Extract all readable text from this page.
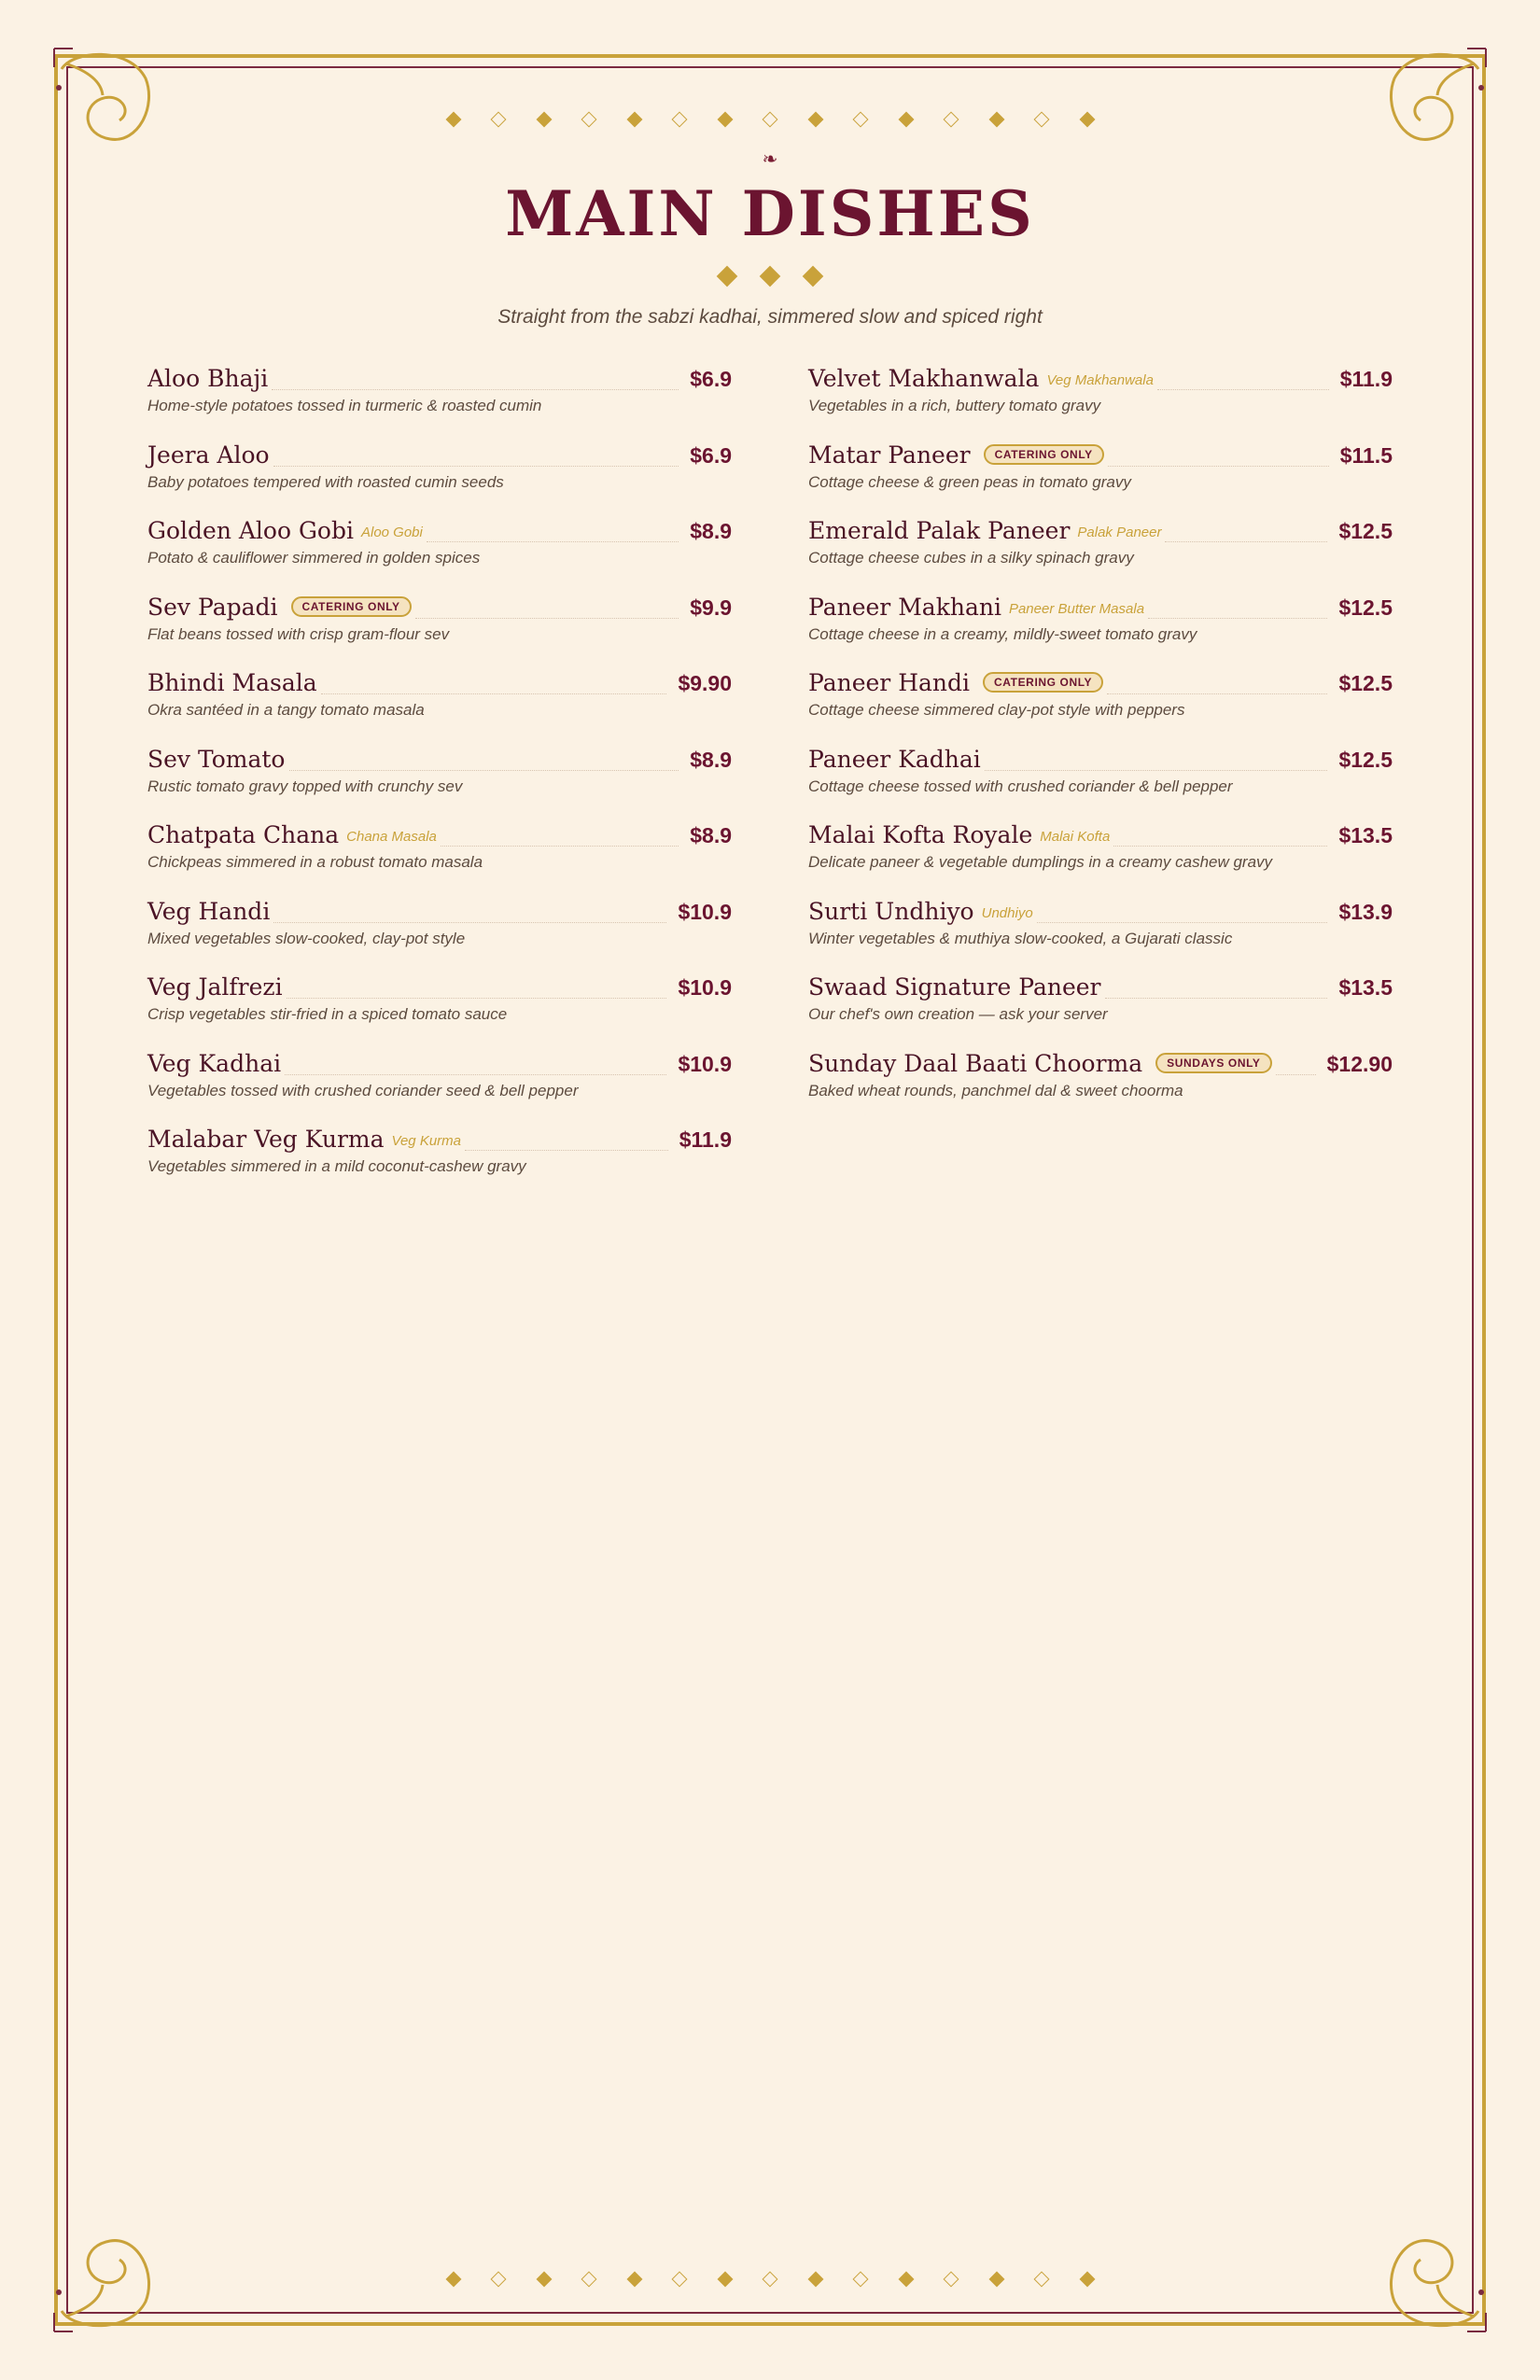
❧
MAIN DISHES
Straight from the sabzi kadhai, simmered slow and spiced right
Aloo Bhaji	$6.9
Home-style potatoes tossed in turmeric & roasted cumin
Jeera Aloo	$6.9
Baby potatoes tempered with roasted cumin seeds
Golden Aloo Gobi Aloo Gobi	$8.9
Potato & cauliflower simmered in golden spices
Sev Papadi	CATERING ONLY	$9.9
Flat beans tossed with crisp gram-flour sev
Bhindi Masala	$9.90
Okra santéed in a tangy tomato masala
Sev Tomato	$8.9
Rustic tomato gravy topped with crunchy sev
Chatpata Chana Chana Masala	$8.9
Chickpeas simmered in a robust tomato masala
Veg Handi	$10.9
Mixed vegetables slow-cooked, clay-pot style
Veg Jalfrezi	$10.9
Crisp vegetables stir-fried in a spiced tomato sauce
Veg Kadhai	$10.9
Vegetables tossed with crushed coriander seed & bell pepper
Malabar Veg Kurma Veg Kurma	$11.9
Vegetables simmered in a mild coconut-cashew gravy
Velvet Makhanwala Veg Makhanwala	$11.9
Vegetables in a rich, buttery tomato gravy
Matar Paneer	CATERING ONLY	$11.5
Cottage cheese & green peas in tomato gravy
Emerald Palak Paneer Palak Paneer	$12.5
Cottage cheese cubes in a silky spinach gravy
Paneer Makhani Paneer Butter Masala	$12.5
Cottage cheese in a creamy, mildly-sweet tomato gravy
Paneer Handi	CATERING ONLY	$12.5
Cottage cheese simmered clay-pot style with peppers
Paneer Kadhai	$12.5
Cottage cheese tossed with crushed coriander & bell pepper
Malai Kofta Royale Malai Kofta	$13.5
Delicate paneer & vegetable dumplings in a creamy cashew gravy
Surti Undhiyo Undhiyo	$13.9
Winter vegetables & muthiya slow-cooked, a Gujarati classic
Swaad Signature Paneer	$13.5
Our chef's own creation — ask your server
Sunday Daal Baati Choorma	SUNDAYS ONLY	$12.90
Baked wheat rounds, panchmel dal & sweet choorma
